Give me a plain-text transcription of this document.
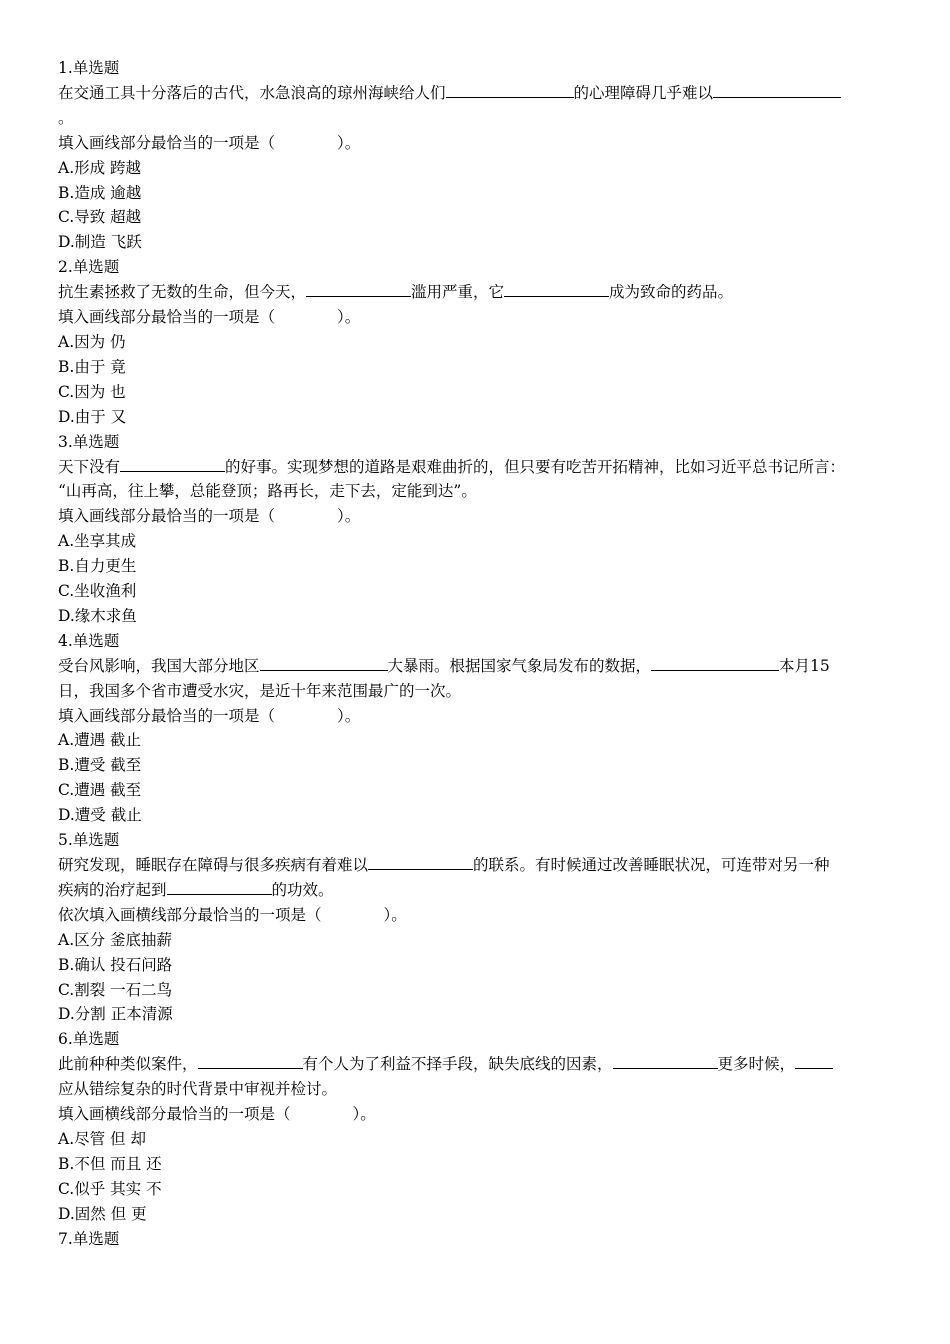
1.单选题
在交通工具十分落后的古代，水急浪高的琼州海峡给人们	的心理障碍几乎难以
。
填入画线部分最恰当的一项是（	）。
A.形成 跨越
B.造成 逾越
C.导致 超越
D.制造 飞跃
2.单选题
抗生素拯救了无数的生命，但今天，	滥用严重，它	成为致命的药品。
填入画线部分最恰当的一项是（	）。
A.因为 仍
B.由于 竟
C.因为 也
D.由于 又
3.单选题
天下没有	的好事。实现梦想的道路是艰难曲折的，但只要有吃苦开拓精神，比如习近平总书记所言：
“山再高，往上攀，总能登顶；路再长，走下去，定能到达”。
填入画线部分最恰当的一项是（	）。
A.坐享其成
B.自力更生
C.坐收渔利
D.缘木求鱼
4.单选题
受台风影响，我国大部分地区	大暴雨。根据国家气象局发布的数据，	本月15
日，我国多个省市遭受水灾，是近十年来范围最广的一次。
填入画线部分最恰当的一项是（	）。
A.遭遇 截止
B.遭受 截至
C.遭遇 截至
D.遭受 截止
5.单选题
研究发现，睡眠存在障碍与很多疾病有着难以	的联系。有时候通过改善睡眠状况，可连带对另一种
疾病的治疗起到	的功效。
依次填入画横线部分最恰当的一项是（	）。
A.区分 釜底抽薪
B.确认 投石问路
C.割裂 一石二鸟
D.分割 正本清源
6.单选题
此前种种类似案件，	有个人为了利益不择手段，缺失底线的因素，	更多时候，
应从错综复杂的时代背景中审视并检讨。
填入画横线部分最恰当的一项是（	）。
A.尽管 但 却
B.不但 而且 还
C.似乎 其实 不
D.固然 但 更
7.单选题
